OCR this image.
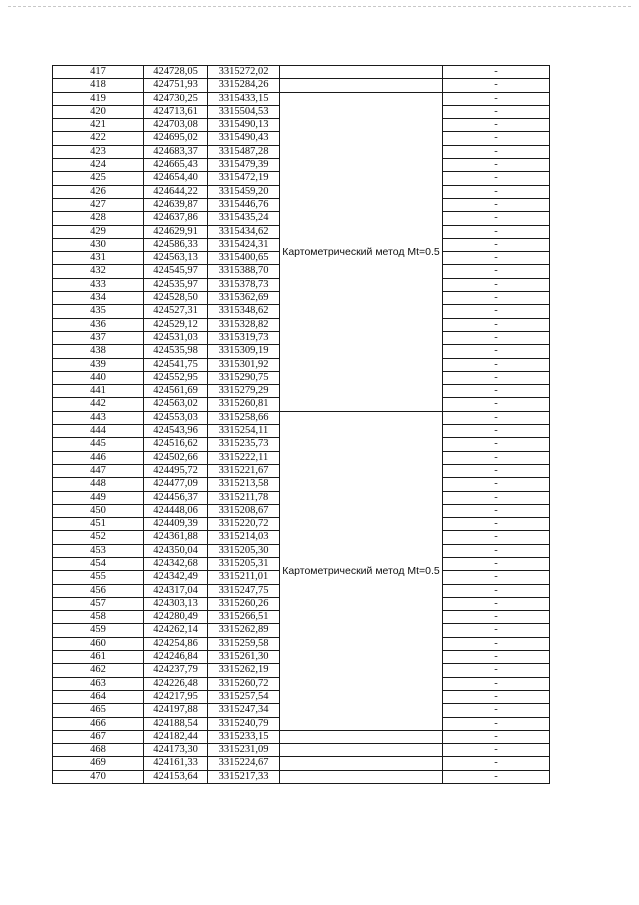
417	424728,05	3315272,02		-
418	424751,93	3315284,26		-
419	424730,25	3315433,15	Картометрический метод Mt=0.5	-
420	424713,61	3315504,53		-
421	424703,08	3315490,13		-
422	424695,02	3315490,43		-
423	424683,37	3315487,28		-
424	424665,43	3315479,39		-
425	424654,40	3315472,19		-
426	424644,22	3315459,20		-
427	424639,87	3315446,76		-
428	424637,86	3315435,24		-
429	424629,91	3315434,62		-
430	424586,33	3315424,31		-
431	424563,13	3315400,65		-
432	424545,97	3315388,70		-
433	424535,97	3315378,73		-
434	424528,50	3315362,69		-
435	424527,31	3315348,62		-
436	424529,12	3315328,82		-
437	424531,03	3315319,73		-
438	424535,98	3315309,19		-
439	424541,75	3315301,92		-
440	424552,95	3315290,75		-
441	424561,69	3315279,29		-
442	424563,02	3315260,81		-
443	424553,03	3315258,66	Картометрический метод Mt=0.5	-
444	424543,96	3315254,11		-
445	424516,62	3315235,73		-
446	424502,66	3315222,11		-
447	424495,72	3315221,67		-
448	424477,09	3315213,58		-
449	424456,37	3315211,78		-
450	424448,06	3315208,67		-
451	424409,39	3315220,72		-
452	424361,88	3315214,03		-
453	424350,04	3315205,30		-
454	424342,68	3315205,31		-
455	424342,49	3315211,01		-
456	424317,04	3315247,75		-
457	424303,13	3315260,26		-
458	424280,49	3315266,51		-
459	424262,14	3315262,89		-
460	424254,86	3315259,58		-
461	424246,84	3315261,30		-
462	424237,79	3315262,19		-
463	424226,48	3315260,72		-
464	424217,95	3315257,54		-
465	424197,88	3315247,34		-
466	424188,54	3315240,79		-
467	424182,44	3315233,15		-
468	424173,30	3315231,09		-
469	424161,33	3315224,67		-
470	424153,64	3315217,33		-
